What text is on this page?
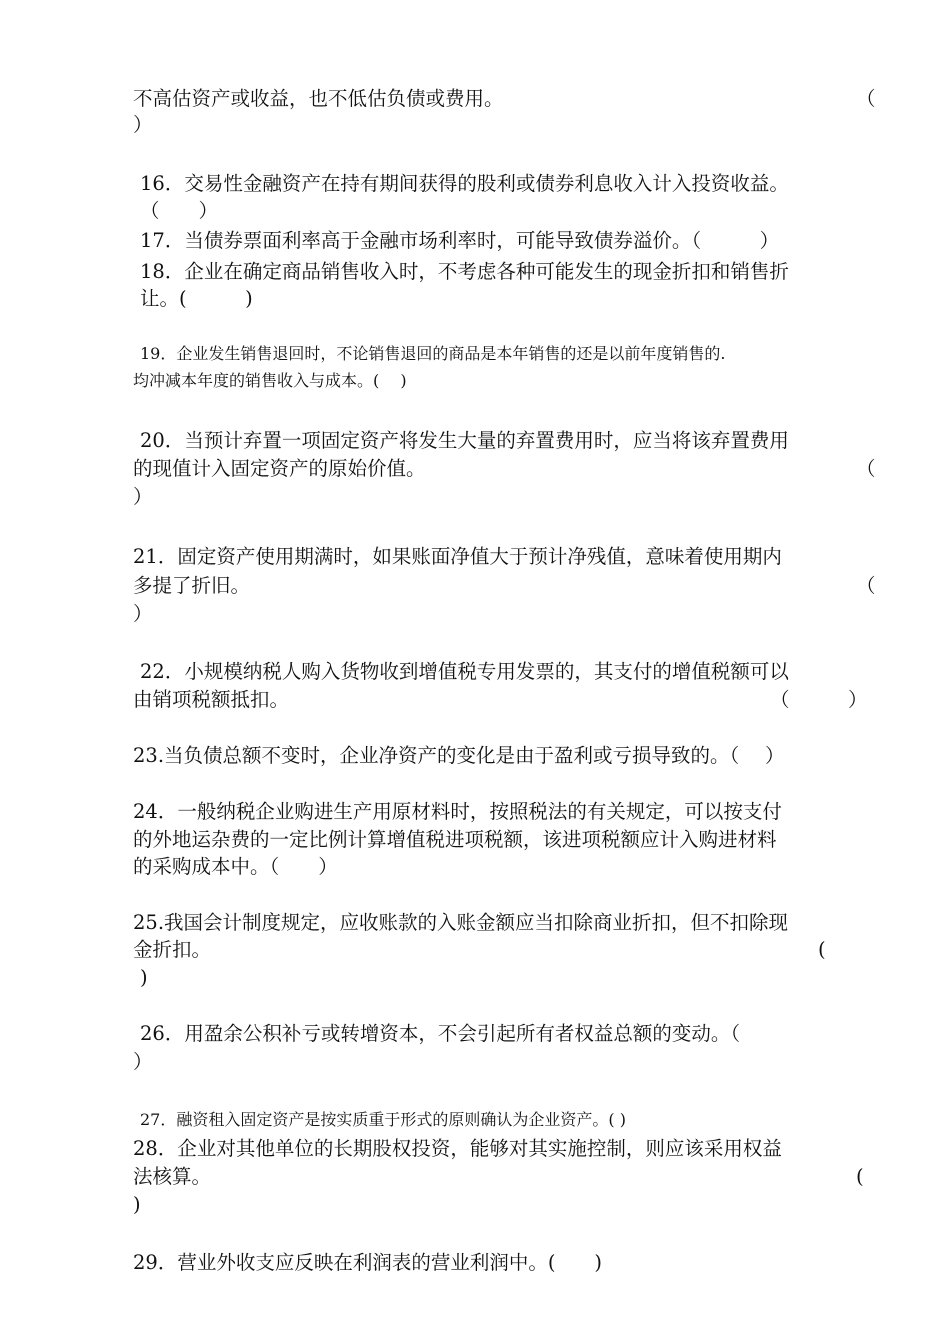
不高估资产或收益，也不低估负债或费用。	（
）
16．交易性金融资产在持有期间获得的股利或债券利息收入计入投资收益。
（　　）
17．当债券票面利率高于金融市场利率时，可能导致债券溢价。（　　　）
18．企业在确定商品销售收入时，不考虑各种可能发生的现金折扣和销售折
让。(　　　)
19．企业发生销售退回时，不论销售退回的商品是本年销售的还是以前年度销售的.
均冲减本年度的销售收入与成本。( 　)
20．当预计弃置一项固定资产将发生大量的弃置费用时，应当将该弃置费用
的现值计入固定资产的原始价值。	（
）
21．固定资产使用期满时，如果账面净值大于预计净残值，意味着使用期内
多提了折旧。	（
）
22．小规模纳税人购入货物收到增值税专用发票的，其支付的增值税额可以
由销项税额抵扣。	（　　　）
23.当负债总额不变时，企业净资产的变化是由于盈利或亏损导致的。（　 ）
24．一般纳税企业购进生产用原材料时，按照税法的有关规定，可以按支付
的外地运杂费的一定比例计算增值税进项税额，该进项税额应计入购进材料
的采购成本中。（　　）
25.我国会计制度规定，应收账款的入账金额应当扣除商业折扣，但不扣除现
金折扣。	(
)
26．用盈余公积补亏或转增资本，不会引起所有者权益总额的变动。（
）
27．融资租入固定资产是按实质重于形式的原则确认为企业资产。( )
28．企业对其他单位的长期股权投资，能够对其实施控制，则应该采用权益
法核算。	(
)
29．营业外收支应反映在利润表的营业利润中。(　　)
